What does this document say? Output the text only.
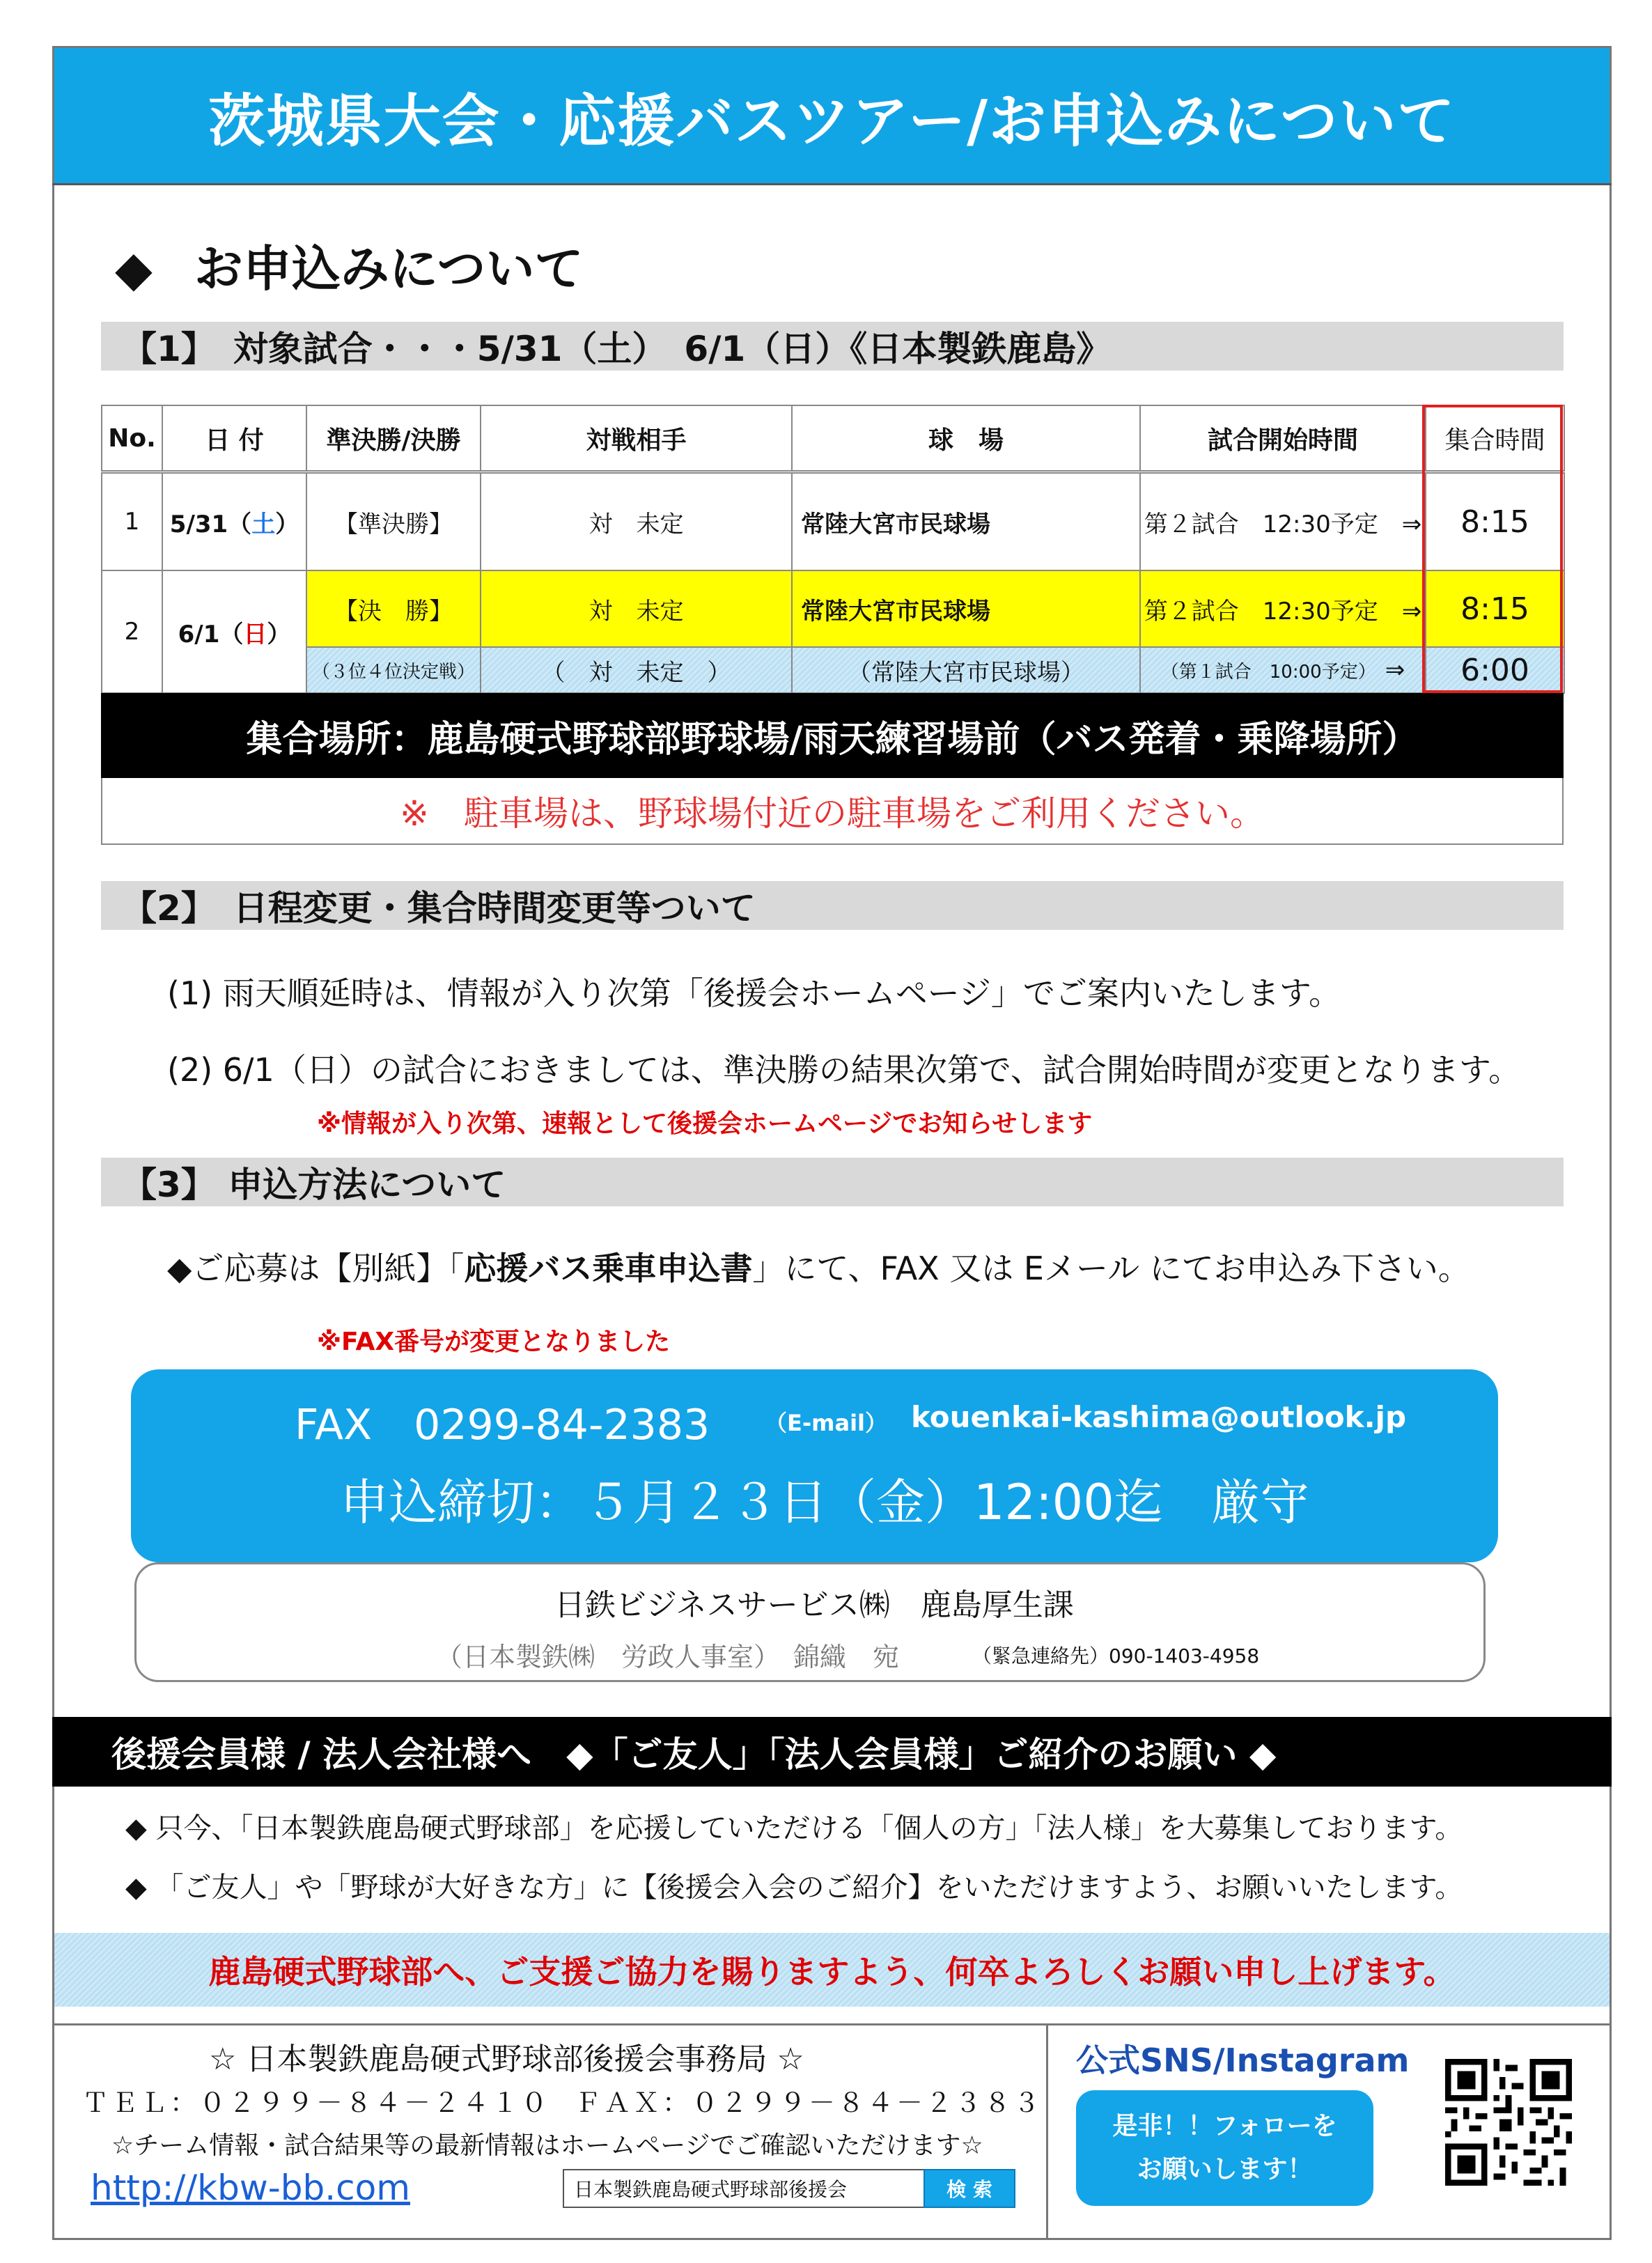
茨城県大会・応援バスツアー/お申込みについて
◆ お申込みについて
【1】　対象試合・・・5/31（土）　6/1（日）《日本製鉄鹿島》
No.	日 付	準決勝/決勝	対戦相手	球　場	試合開始時間	集合時間
1	5/31（土）	【準決勝】	対　未定	常陸大宮市民球場	第２試合　12:30予定　 ⇒	8:15
2	6/1（日）	【決　勝】	対　未定	常陸大宮市民球場	第２試合　12:30予定　 ⇒	8:15
		（３位４位決定戦）	（　対　未定　）	（常陸大宮市民球場）	（第１試合　10:00予定）　 ⇒	6:00
集合場所：鹿島硬式野球部野球場/雨天練習場前（バス発着・乗降場所）
※　駐車場は、野球場付近の駐車場をご利用ください。
【2】　日程変更・集合時間変更等ついて
(1) 雨天順延時は、情報が入り次第「後援会ホームページ」でご案内いたします。
(2) 6/1（日）の試合におきましては、準決勝の結果次第で、試合開始時間が変更となります。
※情報が入り次第、速報として後援会ホームページでお知らせします
【3】 申込方法について
◆ご応募は【別紙】「応援バス乗車申込書」にて、FAX 又は Eメール にてお申込み下さい。
※FAX番号が変更となりました
FAX　0299-84-2383 （E-mail） kouenkai-kashima@outlook.jp
申込締切：５月２３日（金）12:00迄　厳守
日鉄ビジネスサービス㈱　鹿島厚生課
（日本製鉄㈱　労政人事室）　錦織　宛	（緊急連絡先）090-1403-4958
後援会員様 / 法人会社様へ　◆「ご友人」「法人会員様」ご紹介のお願い ◆
◆ 只今、「日本製鉄鹿島硬式野球部」を応援していただける「個人の方」「法人様」を大募集しております。
◆ 「ご友人」や「野球が大好きな方」に【後援会入会のご紹介】をいただけますよう、お願いいたします。
鹿島硬式野球部へ、ご支援ご協力を賜りますよう、何卒よろしくお願い申し上げます。
☆ 日本製鉄鹿島硬式野球部後援会事務局 ☆
ＴＥＬ：０２９９－８４－２４１０ ＦＡＸ：０２９９－８４－２３８３
☆チーム情報・試合結果等の最新情報はホームページでご確認いただけます☆
http://kbw-bb.com	日本製鉄鹿島硬式野球部後援会	検 索
公式SNS/Instagram
是非！！フォローを
お願いします！
